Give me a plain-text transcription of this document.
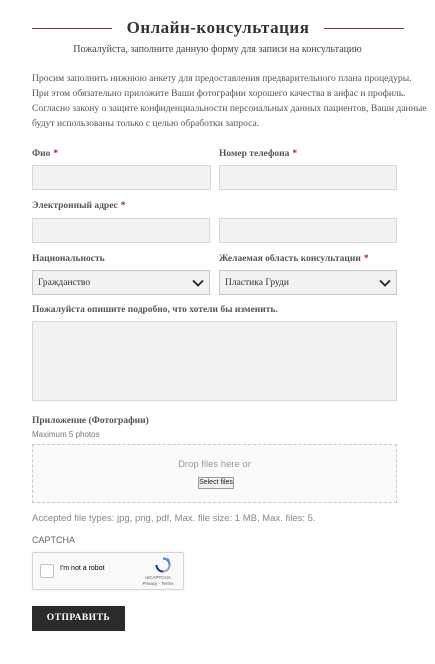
Онлайн-консультация
Пожалуйста, заполните данную форму для записи на консультацию

Просим заполнить нижнюю анкету для предоставления предварительного плана процедуры.

При этом обязательно приложите Ваши фотографии хорошего качества в анфас и профиль.

Согласно закону о защите конфиденциальности персональных данных пациентов, Ваши данные

будут использованы только с целью обработки запроса.

Фио *	Номер телефона *
Электронный адрес *
Национальность
Гражданство
Желаемая область консультации *
Пластика Груди
Пожалуйста опишите подробно, что хотели бы изменить.
Приложение (Фотографии)
Maximum 5 photos
Drop files here or
Select files
Accepted file types: jpg, png, pdf, Max. file size: 1 MB, Max. files: 5.
CAPTCHA
I'm not a robot
reCAPTCHA
Privacy - Terms
ОТПРАВИТЬ
